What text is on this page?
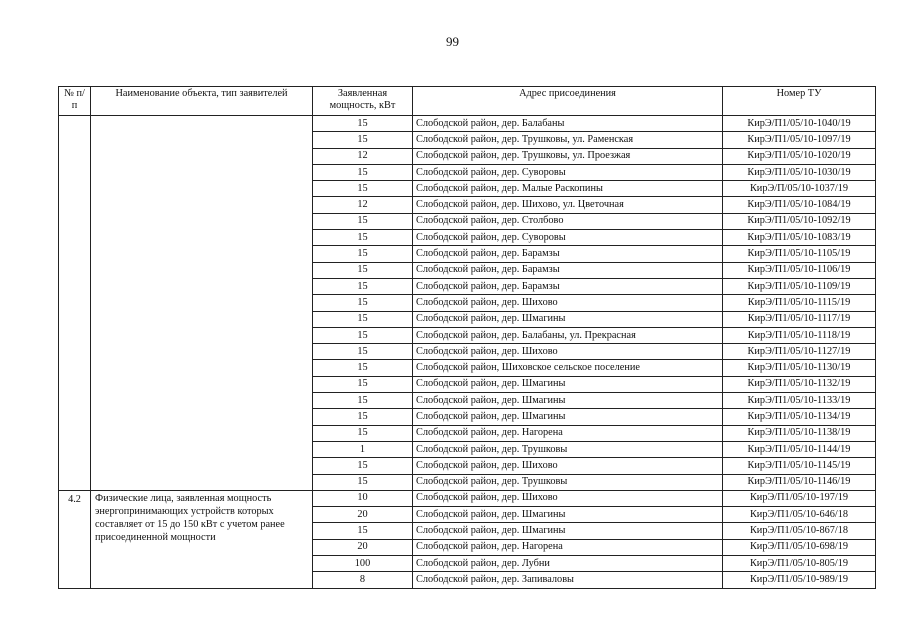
99
№ п/п	Наименование объекта, тип заявителей	Заявленная мощность, кВт	Адрес присоединения	Номер ТУ
		15	Слободской район, дер. Балабаны	КирЭ/П1/05/10-1040/19
		15	Слободской район, дер. Трушковы, ул. Раменская	КирЭ/П1/05/10-1097/19
		12	Слободской район, дер. Трушковы, ул. Проезжая	КирЭ/П1/05/10-1020/19
		15	Слободской район, дер. Суворовы	КирЭ/П1/05/10-1030/19
		15	Слободской район, дер. Малые Раскопины	КирЭ/П/05/10-1037/19
		12	Слободской район, дер. Шихово, ул. Цветочная	КирЭ/П1/05/10-1084/19
		15	Слободской район, дер. Столбово	КирЭ/П1/05/10-1092/19
		15	Слободской район, дер. Суворовы	КирЭ/П1/05/10-1083/19
		15	Слободской район, дер. Барамзы	КирЭ/П1/05/10-1105/19
		15	Слободской район, дер. Барамзы	КирЭ/П1/05/10-1106/19
		15	Слободской район, дер. Барамзы	КирЭ/П1/05/10-1109/19
		15	Слободской район, дер. Шихово	КирЭ/П1/05/10-1115/19
		15	Слободской район, дер. Шмагины	КирЭ/П1/05/10-1117/19
		15	Слободской район, дер. Балабаны, ул. Прекрасная	КирЭ/П1/05/10-1118/19
		15	Слободской район, дер. Шихово	КирЭ/П1/05/10-1127/19
		15	Слободской район, Шиховское сельское поселение	КирЭ/П1/05/10-1130/19
		15	Слободской район, дер. Шмагины	КирЭ/П1/05/10-1132/19
		15	Слободской район, дер. Шмагины	КирЭ/П1/05/10-1133/19
		15	Слободской район, дер. Шмагины	КирЭ/П1/05/10-1134/19
		15	Слободской район, дер. Нагорена	КирЭ/П1/05/10-1138/19
		1	Слободской район, дер. Трушковы	КирЭ/П1/05/10-1144/19
		15	Слободской район, дер. Шихово	КирЭ/П1/05/10-1145/19
		15	Слободской район, дер. Трушковы	КирЭ/П1/05/10-1146/19
4.2	Физические лица, заявленная мощность энергопринимающих устройств которых составляет от 15 до 150 кВт с учетом ранее присоединенной мощности	10	Слободской район, дер. Шихово	КирЭ/П1/05/10-197/19
		20	Слободской район, дер. Шмагины	КирЭ/П1/05/10-646/18
		15	Слободской район, дер. Шмагины	КирЭ/П1/05/10-867/18
		20	Слободской район, дер. Нагорена	КирЭ/П1/05/10-698/19
		100	Слободской район, дер. Лубни	КирЭ/П1/05/10-805/19
		8	Слободской район, дер. Запиваловы	КирЭ/П1/05/10-989/19
